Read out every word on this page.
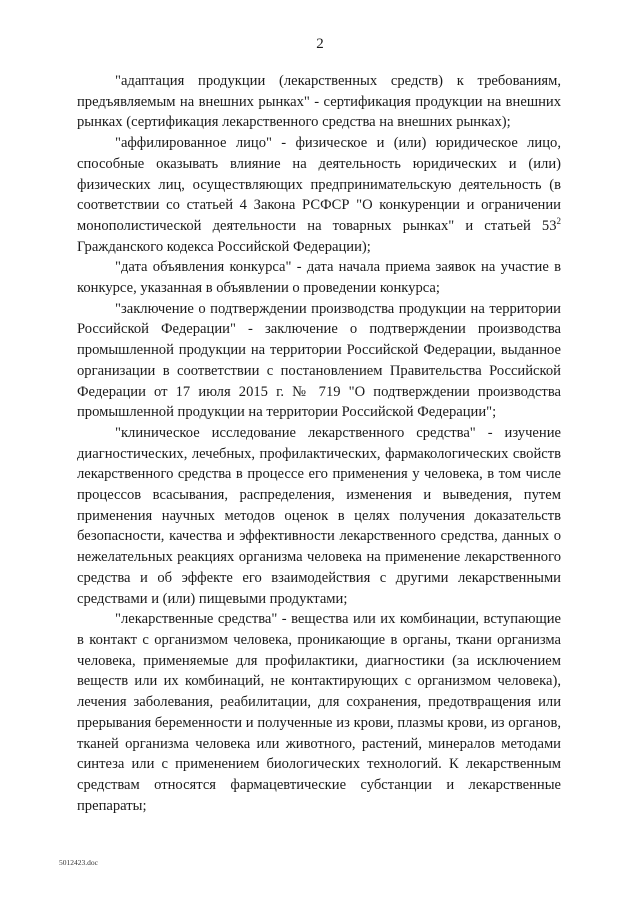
2

"адаптация продукции (лекарственных средств) к требованиям, предъявляемым на внешних рынках" - сертификация продукции на внешних рынках (сертификация лекарственного средства на внешних рынках);

"аффилированное лицо" - физическое и (или) юридическое лицо, способные оказывать влияние на деятельность юридических и (или) физических лиц, осуществляющих предпринимательскую деятельность (в соответствии со статьей 4 Закона РСФСР "О конкуренции и ограничении монополистической деятельности на товарных рынках" и статьей $53^2$ Гражданского кодекса Российской Федерации);

"дата объявления конкурса" - дата начала приема заявок на участие в конкурсе, указанная в объявлении о проведении конкурса;

"заключение о подтверждении производства продукции на территории Российской Федерации" - заключение о подтверждении производства промышленной продукции на территории Российской Федерации, выданное организации в соответствии с постановлением Правительства Российской Федерации от 17 июля 2015 г. № 719 "О подтверждении производства промышленной продукции на территории Российской Федерации";

"клиническое исследование лекарственного средства" - изучение диагностических, лечебных, профилактических, фармакологических свойств лекарственного средства в процессе его применения у человека, в том числе процессов всасывания, распределения, изменения и выведения, путем применения научных методов оценок в целях получения доказательств безопасности, качества и эффективности лекарственного средства, данных о нежелательных реакциях организма человека на применение лекарственного средства и об эффекте его взаимодействия с другими лекарственными средствами и (или) пищевыми продуктами;

"лекарственные средства" - вещества или их комбинации, вступающие в контакт с организмом человека, проникающие в органы, ткани организма человека, применяемые для профилактики, диагностики (за исключением веществ или их комбинаций, не контактирующих с организмом человека), лечения заболевания, реабилитации, для сохранения, предотвращения или прерывания беременности и полученные из крови, плазмы крови, из органов, тканей организма человека или животного, растений, минералов методами синтеза или с применением биологических технологий. К лекарственным средствам относятся фармацевтические субстанции и лекарственные препараты;

5012423.doc
